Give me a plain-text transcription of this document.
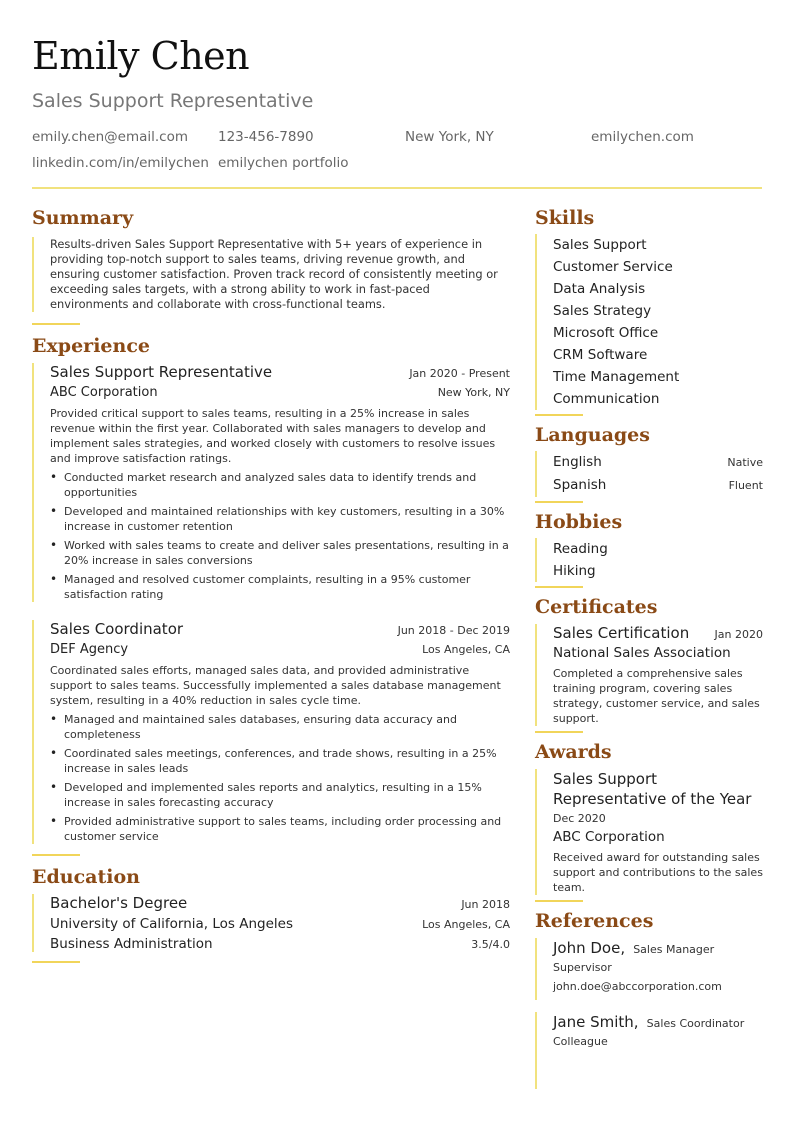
Emily Chen
Sales Support Representative
emily.chen@email.com 123-456-7890	New York, NY	emilychen.com
linkedin.com/in/emilychen emilychen portfolio
Summary

Results-driven Sales Support Representative with 5+ years of experience in providing top-notch support to sales teams, driving revenue growth, and ensuring customer satisfaction. Proven track record of consistently meeting or exceeding sales targets, with a strong ability to work in fast-paced environments and collaborate with cross-functional teams.

Experience
Sales Support Representative	Jan 2020 - Present
ABC Corporation	New York, NY

Provided critical support to sales teams, resulting in a 25% increase in sales revenue within the first year. Collaborated with sales managers to develop and implement sales strategies, and worked closely with customers to resolve issues and improve satisfaction ratings.

• Conducted market research and analyzed sales data to identify trends and opportunities
• Developed and maintained relationships with key customers, resulting in a 30% increase in customer retention
• Worked with sales teams to create and deliver sales presentations, resulting in a 20% increase in sales conversions
• Managed and resolved customer complaints, resulting in a 95% customer satisfaction rating
Sales Coordinator	Jun 2018 - Dec 2019
DEF Agency	Los Angeles, CA

Coordinated sales efforts, managed sales data, and provided administrative support to sales teams. Successfully implemented a sales database management system, resulting in a 40% reduction in sales cycle time.

• Managed and maintained sales databases, ensuring data accuracy and completeness
• Coordinated sales meetings, conferences, and trade shows, resulting in a 25% increase in sales leads
• Developed and implemented sales reports and analytics, resulting in a 15% increase in sales forecasting accuracy
• Provided administrative support to sales teams, including order processing and customer service
Education
Bachelor's Degree	Jun 2018
University of California, Los Angeles	Los Angeles, CA
Business Administration	3.5/4.0
Skills
Sales Support
Customer Service
Data Analysis
Sales Strategy
Microsoft Office
CRM Software
Time Management
Communication
Languages
English	Native
Spanish	Fluent
Hobbies
Reading
Hiking
Certificates
Sales Certification Jan 2020
National Sales Association
Completed a comprehensive sales training program, covering sales strategy, customer service, and sales support.
Awards
Sales Support Representative of the Year
Dec 2020
ABC Corporation
Received award for outstanding sales support and contributions to the sales team.
References
John Doe, Sales Manager
Supervisor
john.doe@abccorporation.com
Jane Smith, Sales Coordinator
Colleague
